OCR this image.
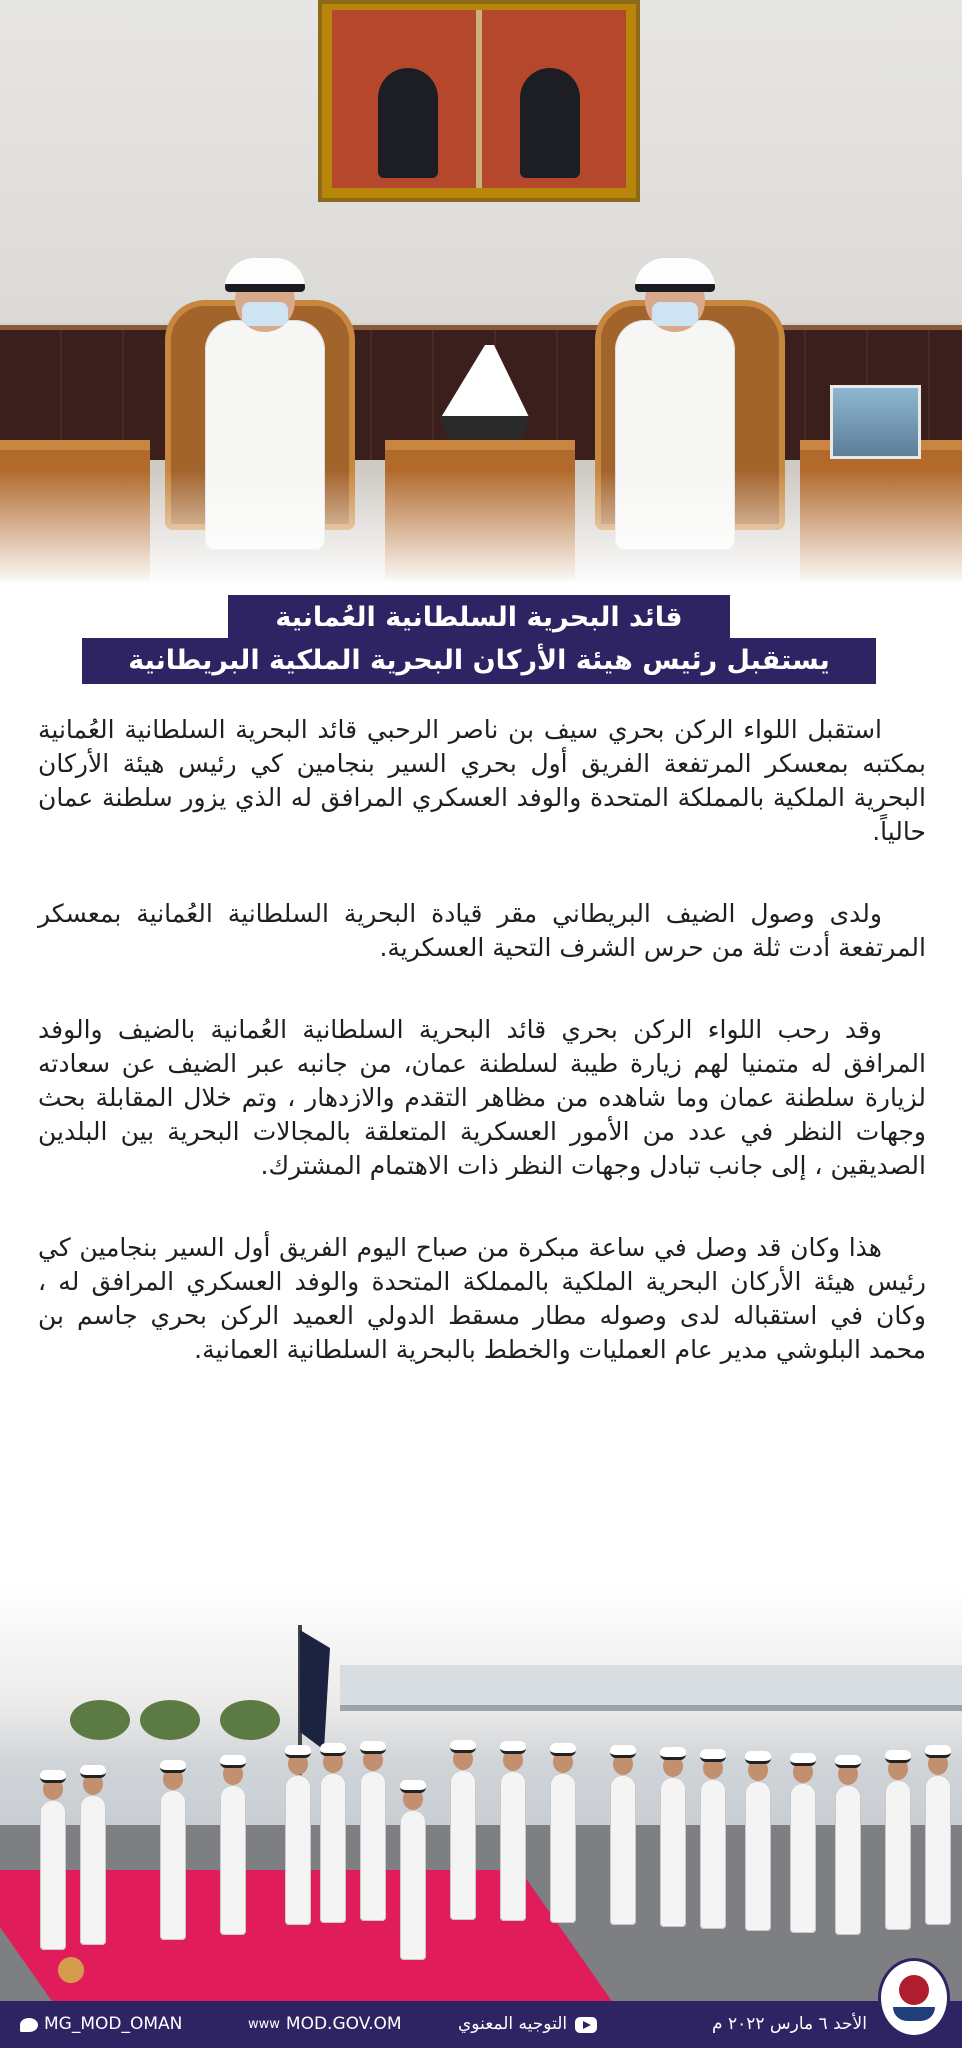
قائد البحرية السلطانية العُمانية
يستقبل رئيس هيئة الأركان البحرية الملكية البريطانية

استقبل اللواء الركن بحري سيف بن ناصر الرحبي قائد البحرية السلطانية العُمانية بمكتبه بمعسكر المرتفعة الفريق أول بحري السير بنجامين كي رئيس هيئة الأركان البحرية الملكية بالمملكة المتحدة والوفد العسكري المرافق له الذي يزور سلطنة عمان حالياً.

ولدى وصول الضيف البريطاني مقر قيادة البحرية السلطانية العُمانية بمعسكر المرتفعة أدت ثلة من حرس الشرف التحية العسكرية.

وقد رحب اللواء الركن بحري قائد البحرية السلطانية العُمانية بالضيف والوفد المرافق له متمنيا لهم زيارة طيبة لسلطنة عمان، من جانبه عبر الضيف عن سعادته لزيارة سلطنة عمان وما شاهده من مظاهر التقدم والازدهار ، وتم خلال المقابلة بحث وجهات النظر في عدد من الأمور العسكرية المتعلقة بالمجالات البحرية بين البلدين الصديقين ، إلى جانب تبادل وجهات النظر ذات الاهتمام المشترك.

هذا وكان قد وصل في ساعة مبكرة من صباح اليوم الفريق أول السير بنجامين كي رئيس هيئة الأركان البحرية الملكية بالمملكة المتحدة والوفد العسكري المرافق له ، وكان في استقباله لدى وصوله مطار مسقط الدولي العميد الركن بحري جاسم بن محمد البلوشي مدير عام العمليات والخطط بالبحرية السلطانية العمانية.

MG_MOD_OMAN	www MOD.GOV.OM	التوجيه المعنوي	الأحد ٦ مارس ٢٠٢٢ م
